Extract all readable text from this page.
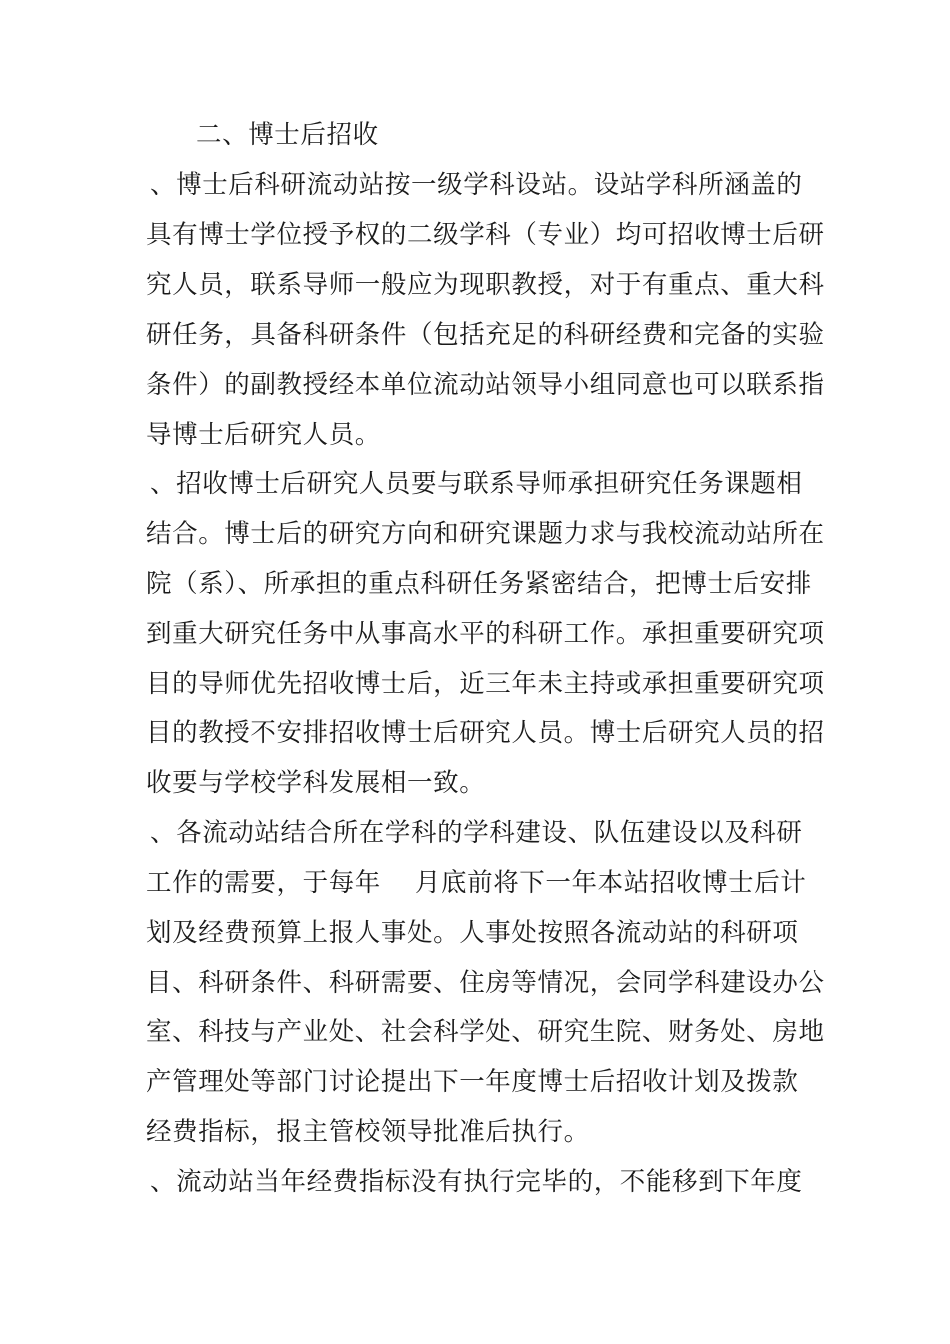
二、博士后招收
、博士后科研流动站按一级学科设站。设站学科所涵盖的
具有博士学位授予权的二级学科（专业）均可招收博士后研
究人员，联系导师一般应为现职教授，对于有重点、重大科
研任务，具备科研条件（包括充足的科研经费和完备的实验
条件）的副教授经本单位流动站领导小组同意也可以联系指
导博士后研究人员。
、招收博士后研究人员要与联系导师承担研究任务课题相
结合。博士后的研究方向和研究课题力求与我校流动站所在
院（系）、所承担的重点科研任务紧密结合，把博士后安排
到重大研究任务中从事高水平的科研工作。承担重要研究项
目的导师优先招收博士后，近三年未主持或承担重要研究项
目的教授不安排招收博士后研究人员。博士后研究人员的招
收要与学校学科发展相一致。
、各流动站结合所在学科的学科建设、队伍建设以及科研
工作的需要，于每年 月底前将下一年本站招收博士后计
划及经费预算上报人事处。人事处按照各流动站的科研项
目、科研条件、科研需要、住房等情况，会同学科建设办公
室、科技与产业处、社会科学处、研究生院、财务处、房地
产管理处等部门讨论提出下一年度博士后招收计划及拨款
经费指标，报主管校领导批准后执行。
、流动站当年经费指标没有执行完毕的，不能移到下年度
